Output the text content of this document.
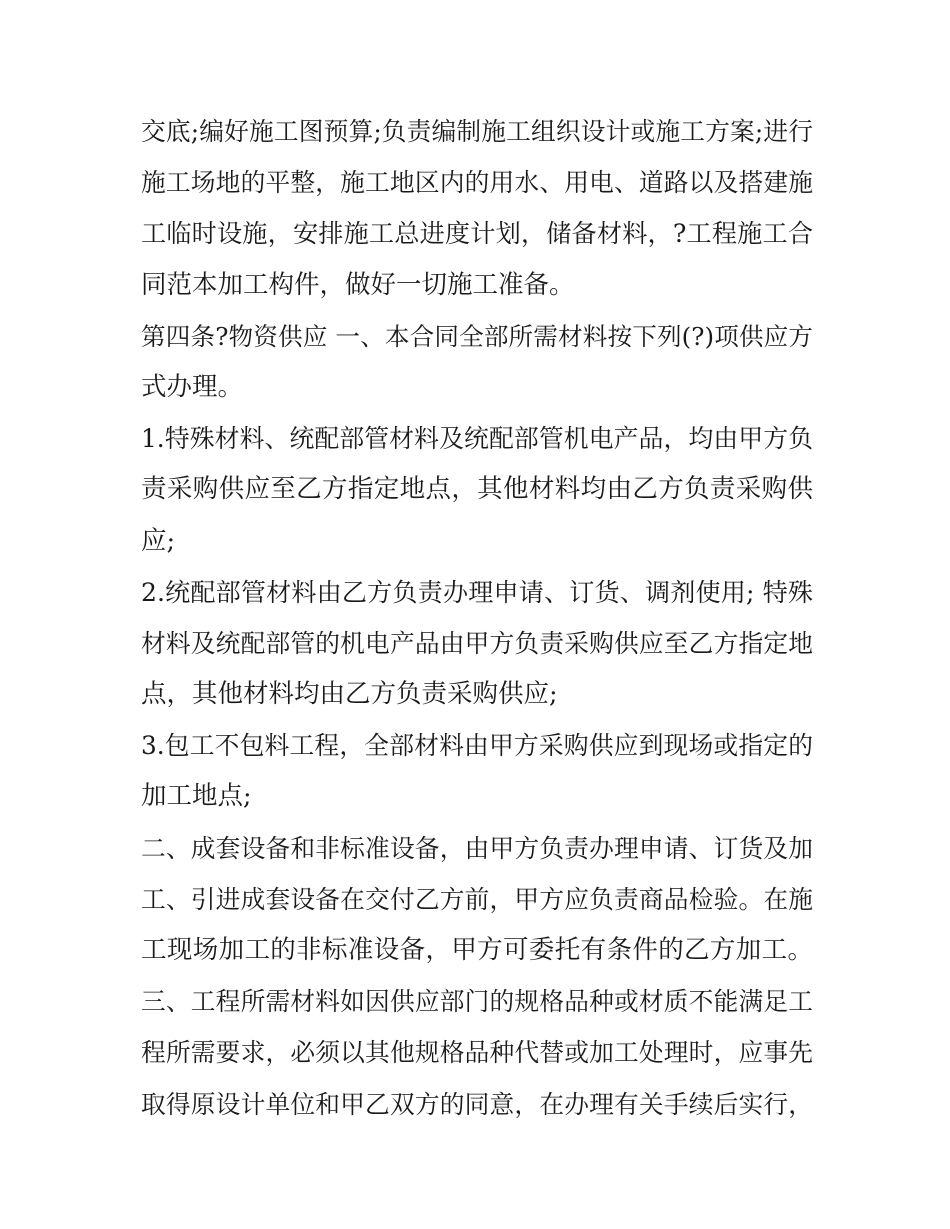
交底;编好施工图预算;负责编制施工组织设计或施工方案;进行
施工场地的平整，施工地区内的用水、用电、道路以及搭建施
工临时设施，安排施工总进度计划，储备材料，?工程施工合
同范本加工构件，做好一切施工准备。
第四条?物资供应 一、本合同全部所需材料按下列(?)项供应方
式办理。
1.特殊材料、统配部管材料及统配部管机电产品，均由甲方负
责采购供应至乙方指定地点，其他材料均由乙方负责采购供
应;
2.统配部管材料由乙方负责办理申请、订货、调剂使用; 特殊
材料及统配部管的机电产品由甲方负责采购供应至乙方指定地
点，其他材料均由乙方负责采购供应;
3.包工不包料工程，全部材料由甲方采购供应到现场或指定的
加工地点;
二、成套设备和非标准设备，由甲方负责办理申请、订货及加
工、引进成套设备在交付乙方前，甲方应负责商品检验。在施
工现场加工的非标准设备，甲方可委托有条件的乙方加工。
三、工程所需材料如因供应部门的规格品种或材质不能满足工
程所需要求，必须以其他规格品种代替或加工处理时，应事先
取得原设计单位和甲乙双方的同意，在办理有关手续后实行，
